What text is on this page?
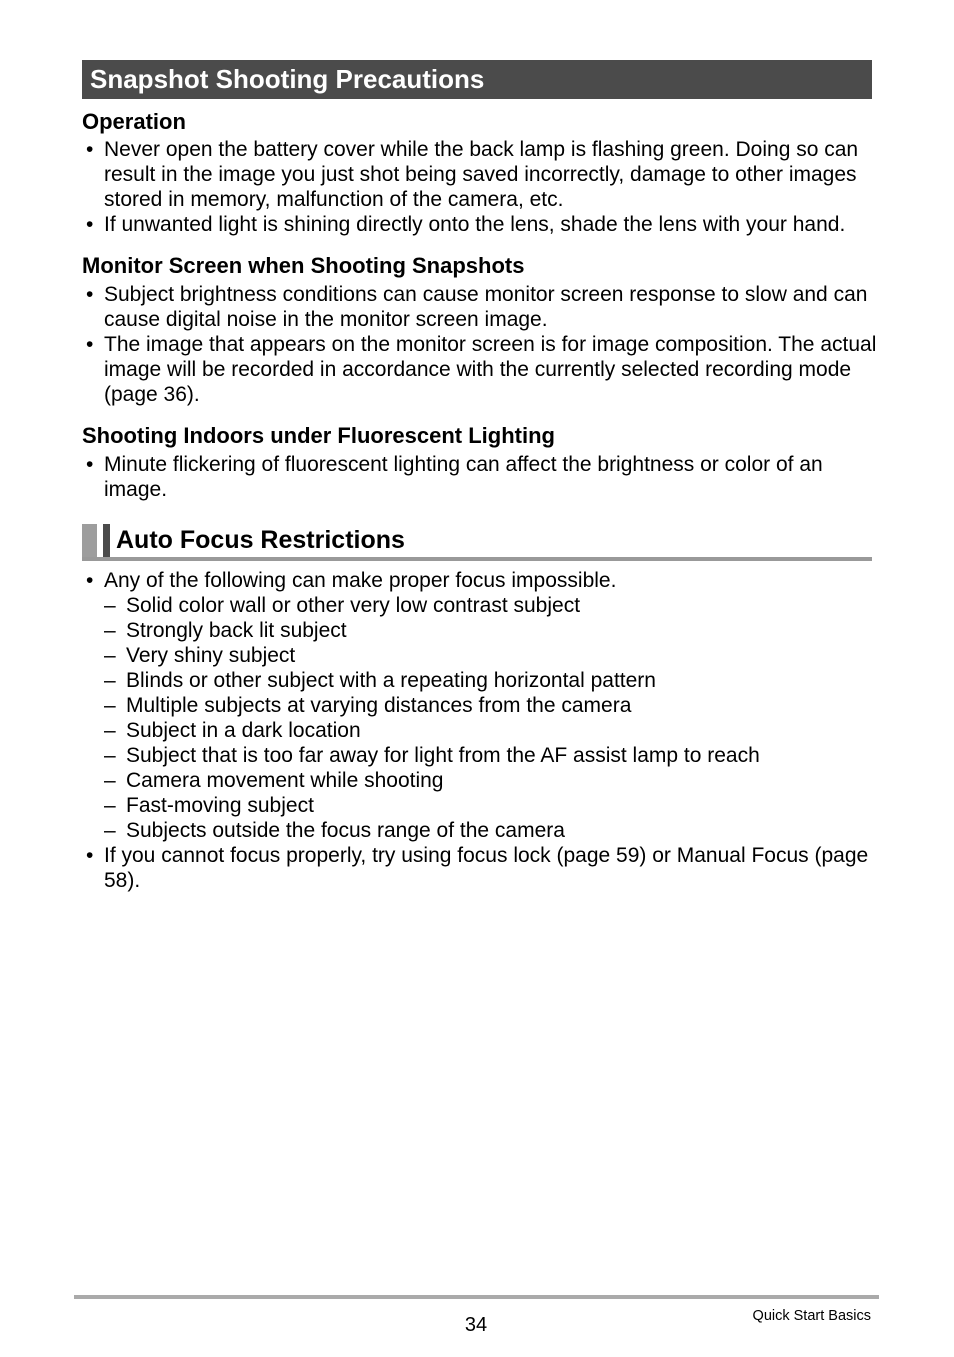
Snapshot Shooting Precautions
Operation
• Never open the battery cover while the back lamp is flashing green. Doing so can result in the image you just shot being saved incorrectly, damage to other images stored in memory, malfunction of the camera, etc.
• If unwanted light is shining directly onto the lens, shade the lens with your hand.
Monitor Screen when Shooting Snapshots
• Subject brightness conditions can cause monitor screen response to slow and can cause digital noise in the monitor screen image.
• The image that appears on the monitor screen is for image composition. The actual image will be recorded in accordance with the currently selected recording mode (page 36).
Shooting Indoors under Fluorescent Lighting
• Minute flickering of fluorescent lighting can affect the brightness or color of an image.
Auto Focus Restrictions
• Any of the following can make proper focus impossible.
– Solid color wall or other very low contrast subject
– Strongly back lit subject
– Very shiny subject
– Blinds or other subject with a repeating horizontal pattern
– Multiple subjects at varying distances from the camera
– Subject in a dark location
– Subject that is too far away for light from the AF assist lamp to reach
– Camera movement while shooting
– Fast-moving subject
– Subjects outside the focus range of the camera
• If you cannot focus properly, try using focus lock (page 59) or Manual Focus (page 58).
34	Quick Start Basics
